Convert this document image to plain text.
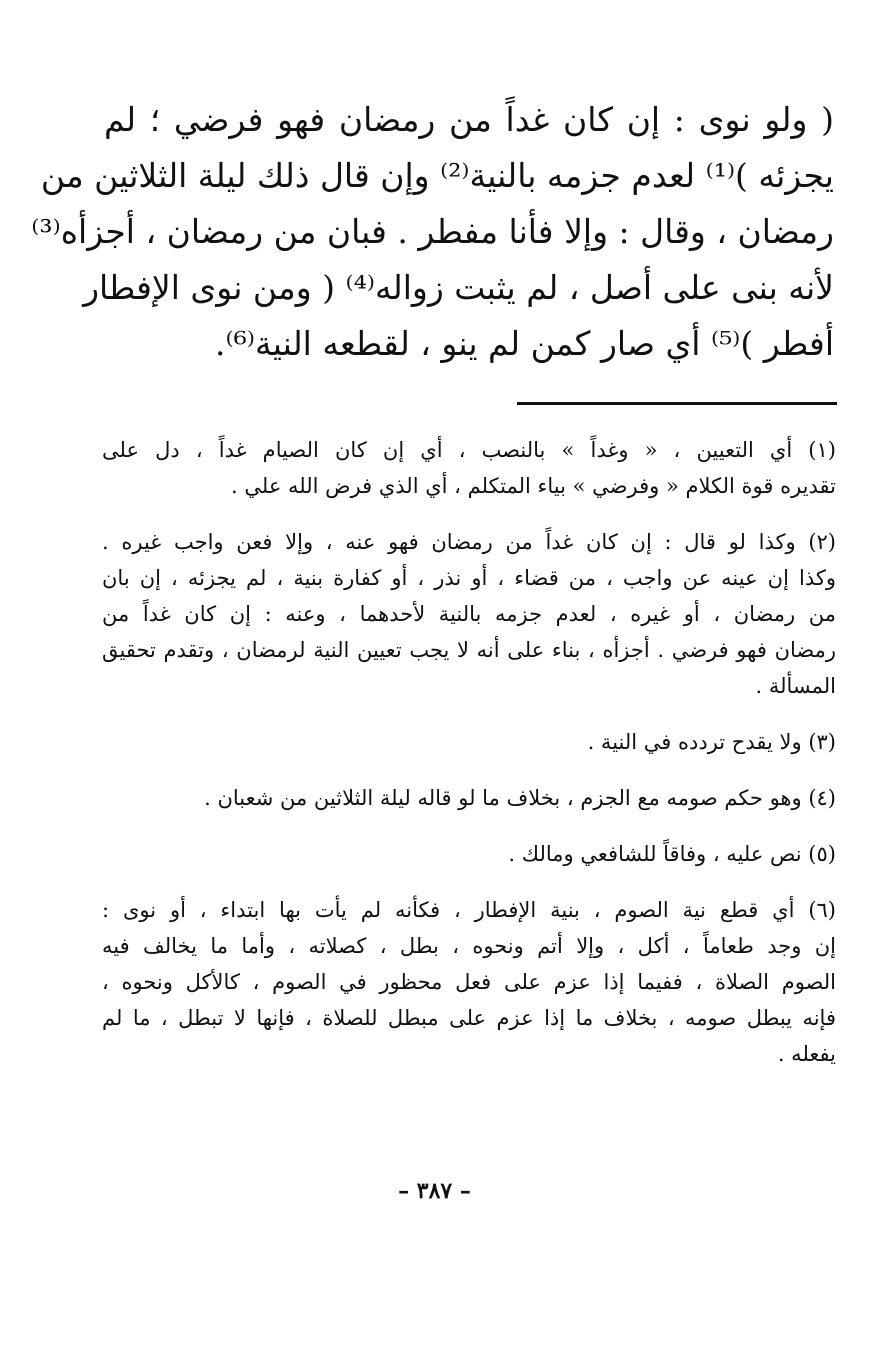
( ولو نوى : إن كان غداً من رمضان فهو فرضي ؛ لم
يجزئه )⁽¹⁾ لعدم جزمه بالنية⁽²⁾ وإن قال ذلك ليلة الثلاثين من
رمضان ، وقال : وإلا فأنا مفطر . فبان من رمضان ، أجزأه⁽³⁾
لأنه بنى على أصل ، لم يثبت زواله⁽⁴⁾ ( ومن نوى الإفطار
أفطر )⁽⁵⁾ أي صار كمن لم ينو ، لقطعه النية⁽⁶⁾.
(١) أي التعيين ، « وغداً » بالنصب ، أي إن كان الصيام غداً ، دل على
تقديره قوة الكلام « وفرضي » بياء المتكلم ، أي الذي فرض الله علي .
(٢) وكذا لو قال : إن كان غداً من رمضان فهو عنه ، وإلا فعن واجب غيره .
وكذا إن عينه عن واجب ، من قضاء ، أو نذر ، أو كفارة بنية ، لم يجزئه ، إن بان
من رمضان ، أو غيره ، لعدم جزمه بالنية لأحدهما ، وعنه : إن كان غداً من
رمضان فهو فرضي . أجزأه ، بناء على أنه لا يجب تعيين النية لرمضان ، وتقدم تحقيق
المسألة .
(٣) ولا يقدح تردده في النية .
(٤) وهو حكم صومه مع الجزم ، بخلاف ما لو قاله ليلة الثلاثين من شعبان .
(٥) نص عليه ، وفاقاً للشافعي ومالك .
(٦) أي قطع نية الصوم ، بنية الإفطار ، فكأنه لم يأت بها ابتداء ، أو نوى :
إن وجد طعاماً ، أكل ، وإلا أتم ونحوه ، بطل ، كصلاته ، وأما ما يخالف فيه
الصوم الصلاة ، ففيما إذا عزم على فعل محظور في الصوم ، كالأكل ونحوه ،
فإنه يبطل صومه ، بخلاف ما إذا عزم على مبطل للصلاة ، فإنها لا تبطل ، ما لم
يفعله .
– ٣٨٧ –
